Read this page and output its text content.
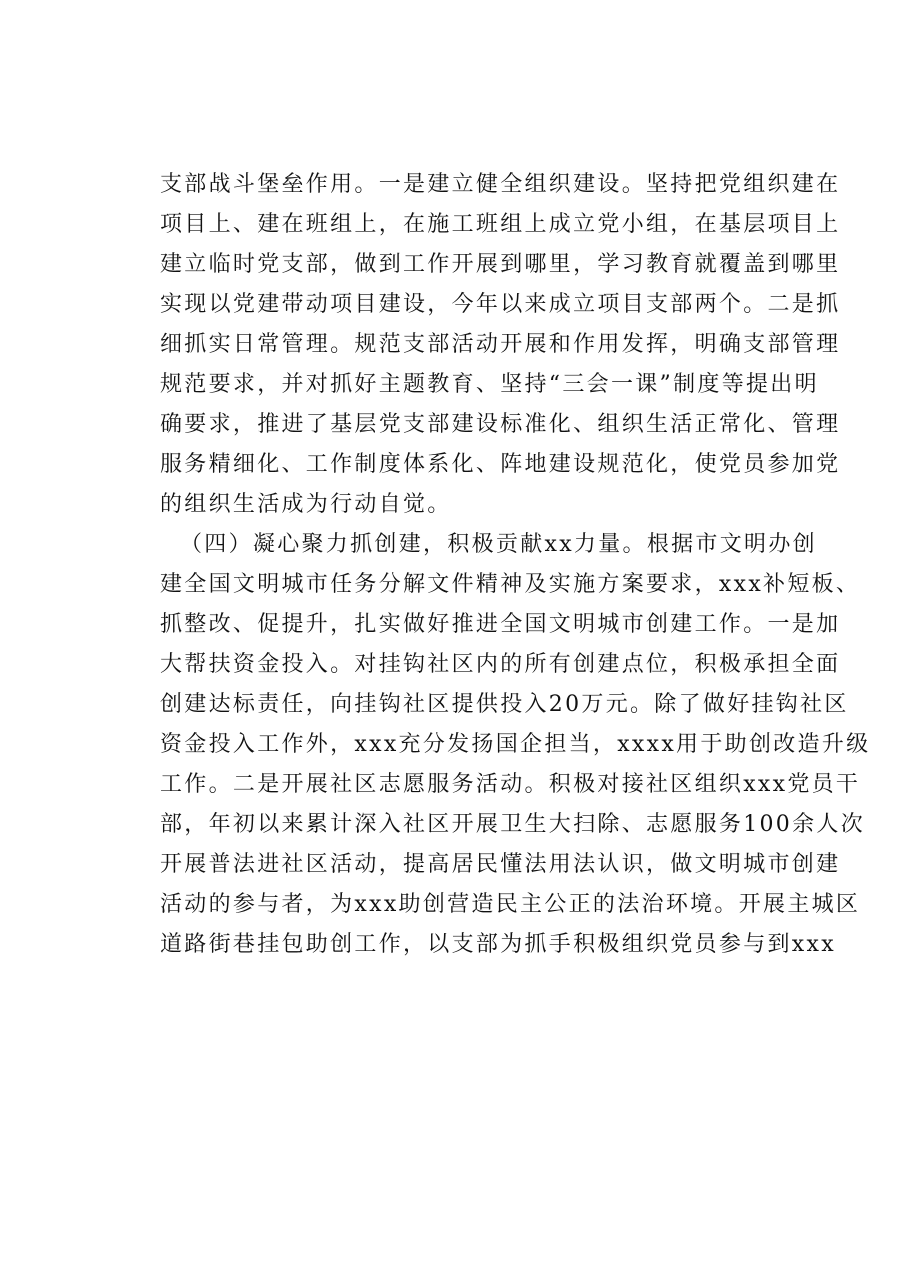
支部战斗堡垒作用。一是建立健全组织建设。坚持把党组织建在
项目上、建在班组上，在施工班组上成立党小组，在基层项目上
建立临时党支部，做到工作开展到哪里，学习教育就覆盖到哪里
实现以党建带动项目建设，今年以来成立项目支部两个。二是抓
细抓实日常管理。规范支部活动开展和作用发挥，明确支部管理
规范要求，并对抓好主题教育、坚持“三会一课”制度等提出明
确要求，推进了基层党支部建设标准化、组织生活正常化、管理
服务精细化、工作制度体系化、阵地建设规范化，使党员参加党
的组织生活成为行动自觉。
（四）凝心聚力抓创建，积极贡献xx力量。根据市文明办创
建全国文明城市任务分解文件精神及实施方案要求，xxx补短板、
抓整改、促提升，扎实做好推进全国文明城市创建工作。一是加
大帮扶资金投入。对挂钩社区内的所有创建点位，积极承担全面
创建达标责任，向挂钩社区提供投入20万元。除了做好挂钩社区
资金投入工作外，xxx充分发扬国企担当，xxxx用于助创改造升级
工作。二是开展社区志愿服务活动。积极对接社区组织xxx党员干
部，年初以来累计深入社区开展卫生大扫除、志愿服务100余人次
开展普法进社区活动，提高居民懂法用法认识，做文明城市创建
活动的参与者，为xxx助创营造民主公正的法治环境。开展主城区
道路街巷挂包助创工作，以支部为抓手积极组织党员参与到xxx
